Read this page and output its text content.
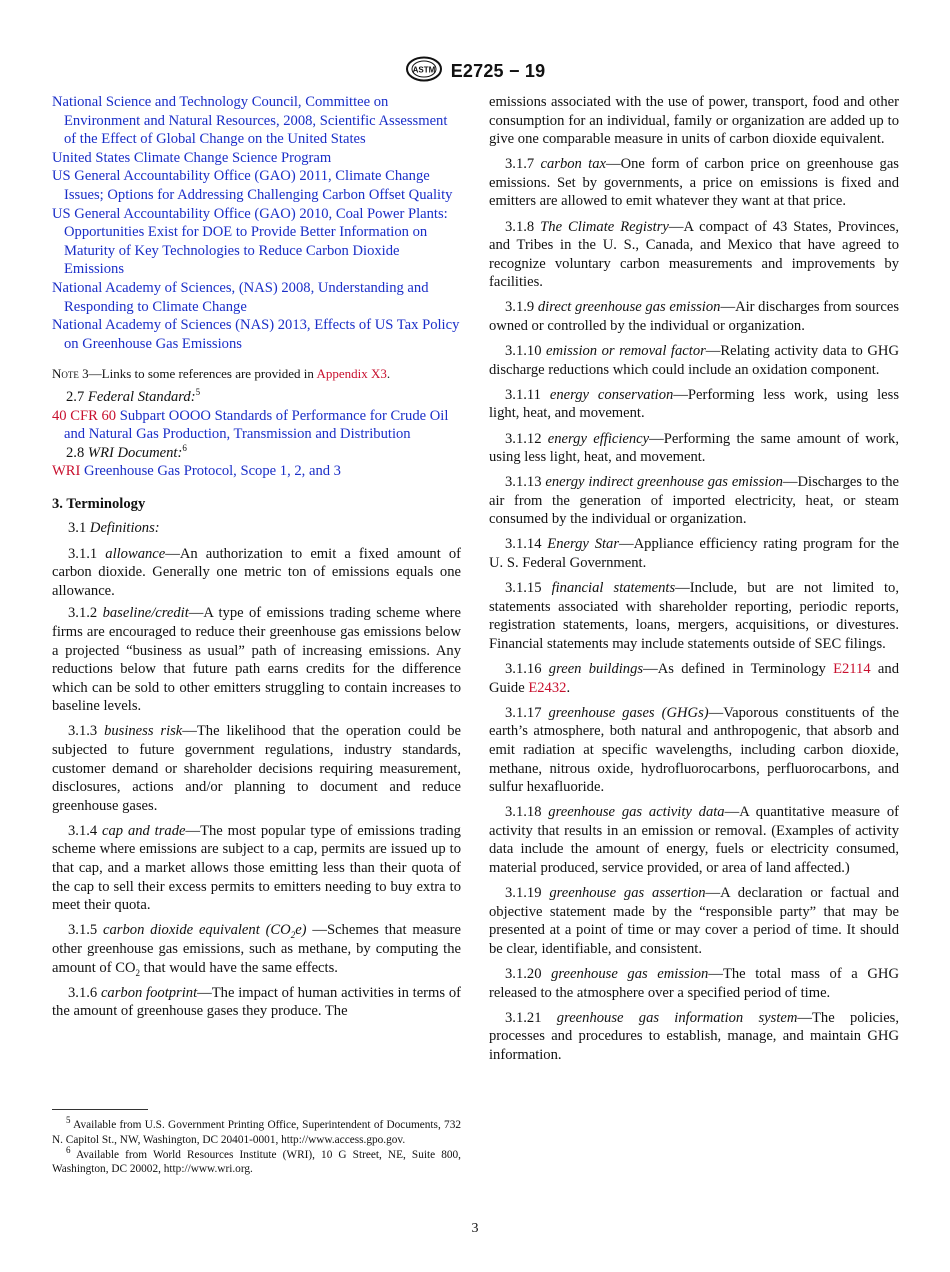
ASTM E2725 − 19

National Science and Technology Council, Committee on Environment and Natural Resources, 2008, Scientific Assessment of the Effect of Global Change on the United States

United States Climate Change Science Program

US General Accountability Office (GAO) 2011, Climate Change Issues; Options for Addressing Challenging Carbon Offset Quality

US General Accountability Office (GAO) 2010, Coal Power Plants: Opportunities Exist for DOE to Provide Better Information on Maturity of Key Technologies to Reduce Carbon Dioxide Emissions

National Academy of Sciences, (NAS) 2008, Understanding and Responding to Climate Change

National Academy of Sciences (NAS) 2013, Effects of US Tax Policy on Greenhouse Gas Emissions

Note 3—Links to some references are provided in Appendix X3.

2.7 Federal Standard:$^5$

40 CFR 60 Subpart OOOO Standards of Performance for Crude Oil and Natural Gas Production, Transmission and Distribution

2.8 WRI Document:$^6$

WRI Greenhouse Gas Protocol, Scope 1, 2, and 3

3. Terminology

3.1 Definitions:

3.1.1 allowance—An authorization to emit a fixed amount of carbon dioxide. Generally one metric ton of emissions equals one allowance.

3.1.2 baseline/credit—A type of emissions trading scheme where firms are encouraged to reduce their greenhouse gas emissions below a projected “business as usual” path of increasing emissions. Any reductions below that future path earns credits for the difference which can be sold to other emitters struggling to contain increases to baseline levels.

3.1.3 business risk—The likelihood that the operation could be subjected to future government regulations, industry standards, customer demand or shareholder decisions requiring measurement, disclosures, actions and/or planning to document and reduce greenhouse gases.

3.1.4 cap and trade—The most popular type of emissions trading scheme where emissions are subject to a cap, permits are issued up to that cap, and a market allows those emitting less than their quota of the cap to sell their excess permits to emitters needing to buy extra to meet their quota.

3.1.5 carbon dioxide equivalent $(CO_2e)$ —Schemes that measure other greenhouse gas emissions, such as methane, by computing the amount of $CO_2$ that would have the same effects.

3.1.6 carbon footprint—The impact of human activities in terms of the amount of greenhouse gases they produce. The

emissions associated with the use of power, transport, food and other consumption for an individual, family or organization are added up to give one comparable measure in units of carbon dioxide equivalent.

3.1.7 carbon tax—One form of carbon price on greenhouse gas emissions. Set by governments, a price on emissions is fixed and emitters are allowed to emit whatever they want at that price.

3.1.8 The Climate Registry—A compact of 43 States, Provinces, and Tribes in the U. S., Canada, and Mexico that have agreed to recognize voluntary carbon measurements and improvements by facilities.

3.1.9 direct greenhouse gas emission—Air discharges from sources owned or controlled by the individual or organization.

3.1.10 emission or removal factor—Relating activity data to GHG discharge reductions which could include an oxidation component.

3.1.11 energy conservation—Performing less work, using less light, heat, and movement.

3.1.12 energy efficiency—Performing the same amount of work, using less light, heat, and movement.

3.1.13 energy indirect greenhouse gas emission—Discharges to the air from the generation of imported electricity, heat, or steam consumed by the individual or organization.

3.1.14 Energy Star—Appliance efficiency rating program for the U. S. Federal Government.

3.1.15 financial statements—Include, but are not limited to, statements associated with shareholder reporting, periodic reports, registration statements, loans, mergers, acquisitions, or divestures. Financial statements may include statements outside of SEC filings.

3.1.16 green buildings—As defined in Terminology E2114 and Guide E2432.

3.1.17 greenhouse gases (GHGs)—Vaporous constituents of the earth’s atmosphere, both natural and anthropogenic, that absorb and emit radiation at specific wavelengths, including carbon dioxide, methane, nitrous oxide, hydrofluorocarbons, perfluorocarbons, and sulfur hexafluoride.

3.1.18 greenhouse gas activity data—A quantitative measure of activity that results in an emission or removal. (Examples of activity data include the amount of energy, fuels or electricity consumed, material produced, service provided, or area of land affected.)

3.1.19 greenhouse gas assertion—A declaration or factual and objective statement made by the “responsible party” that may be presented at a point of time or may cover a period of time. It should be clear, identifiable, and consistent.

3.1.20 greenhouse gas emission—The total mass of a GHG released to the atmosphere over a specified period of time.

3.1.21 greenhouse gas information system—The policies, processes and procedures to establish, manage, and maintain GHG information.

$^5$ Available from U.S. Government Printing Office, Superintendent of Documents, 732 N. Capitol St., NW, Washington, DC 20401-0001, http://www.access.gpo.gov.

$^6$ Available from World Resources Institute (WRI), 10 G Street, NE, Suite 800, Washington, DC 20002, http://www.wri.org.

3
